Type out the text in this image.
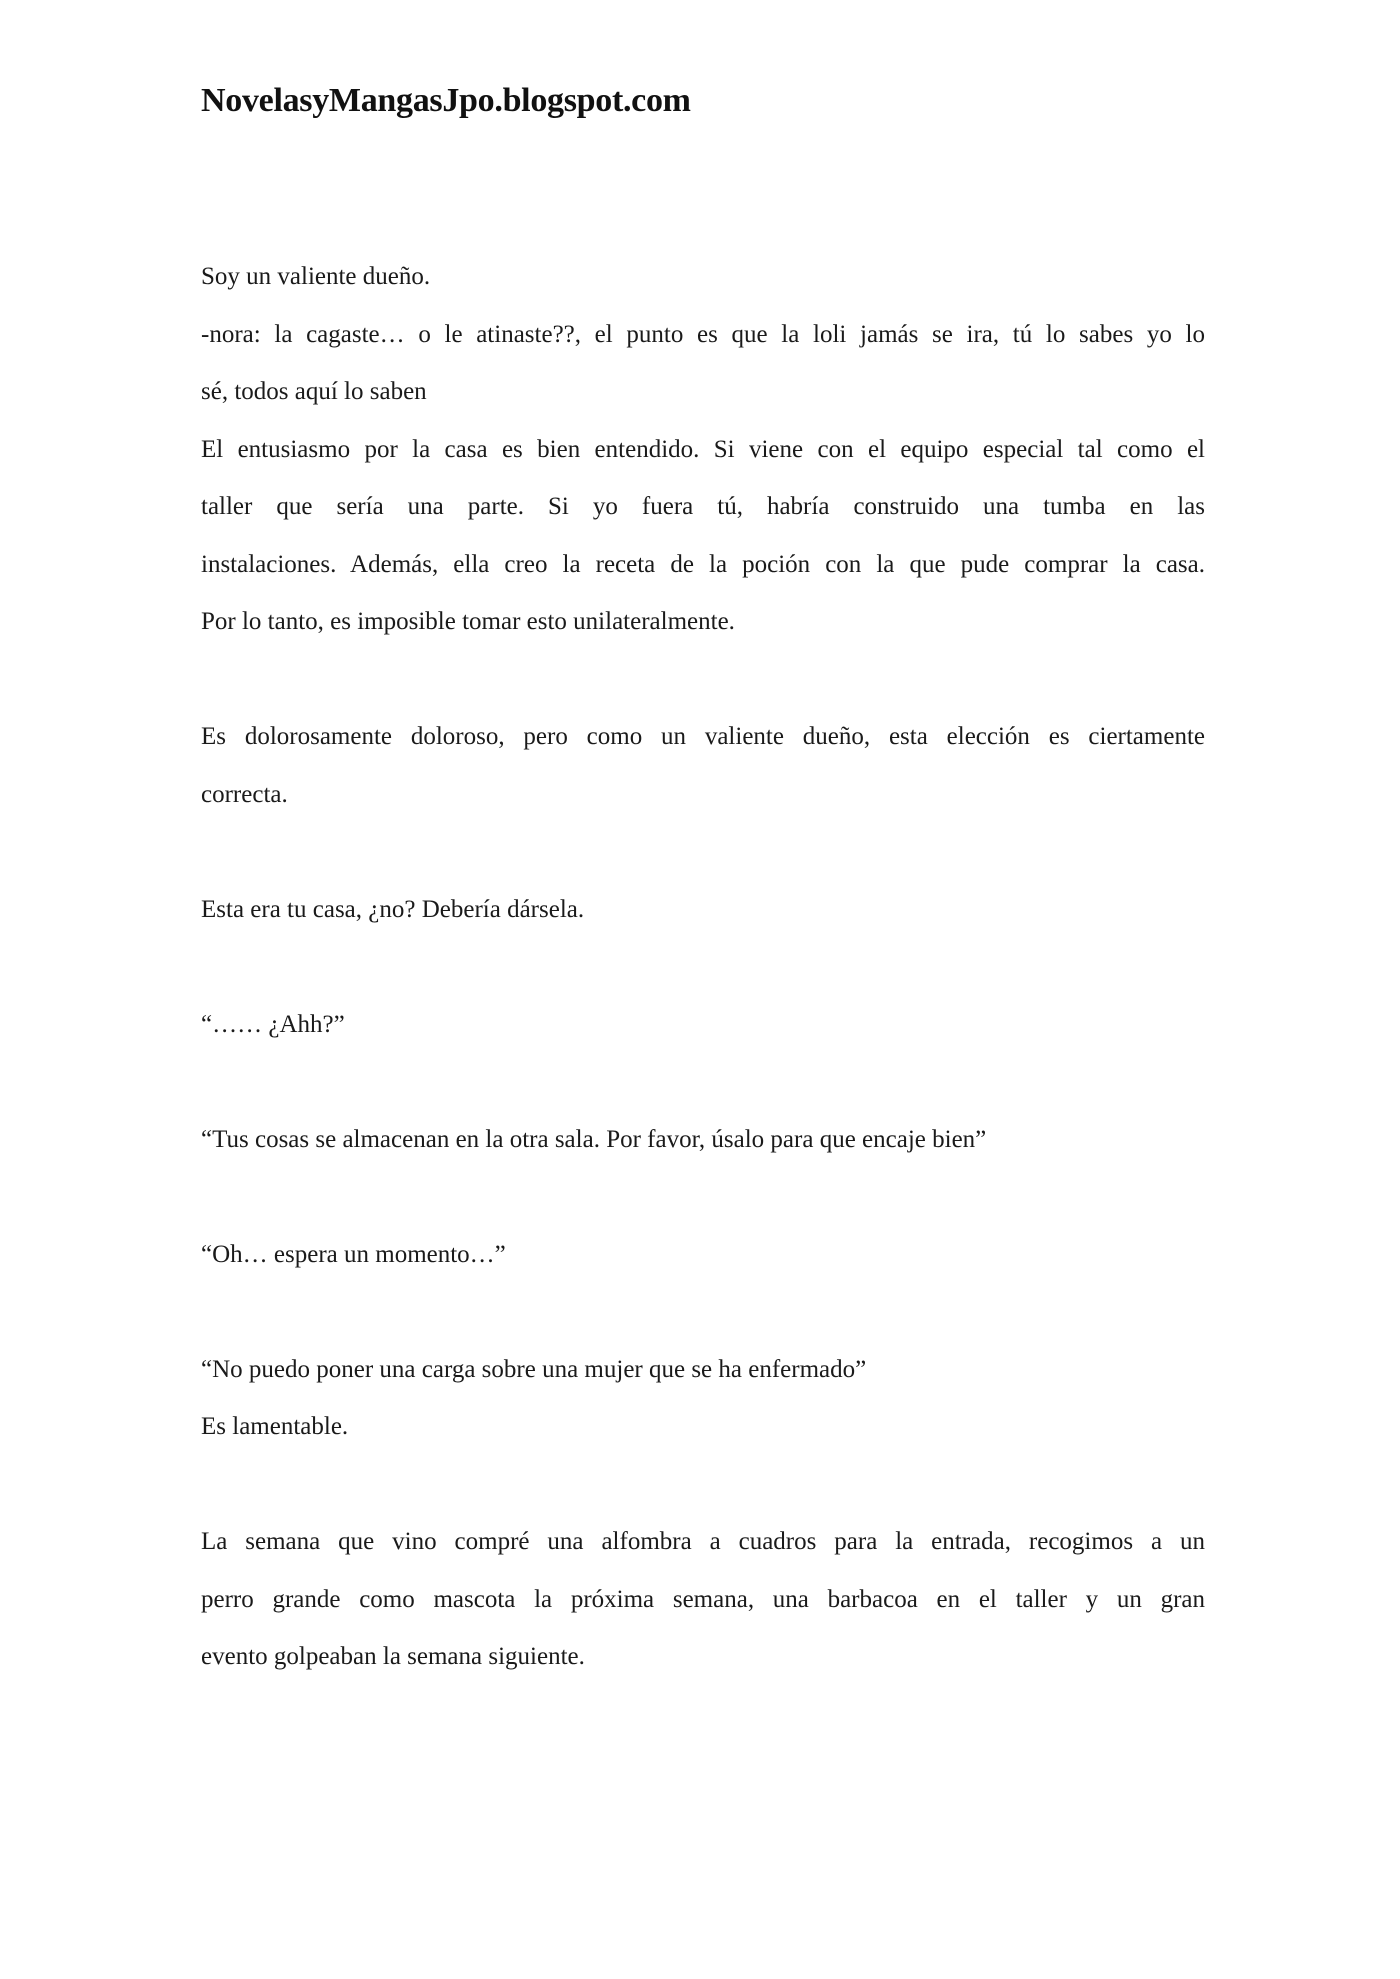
NovelasyMangasJpo.blogspot.com
Soy un valiente dueño.
-nora: la cagaste… o le atinaste??, el punto es que la loli jamás se ira, tú lo sabes yo lo
sé, todos aquí lo saben
El entusiasmo por la casa es bien entendido. Si viene con el equipo especial tal como el
taller que sería una parte. Si yo fuera tú, habría construido una tumba en las
instalaciones. Además, ella creo la receta de la poción con la que pude comprar la casa.
Por lo tanto, es imposible tomar esto unilateralmente.
Es dolorosamente doloroso, pero como un valiente dueño, esta elección es ciertamente
correcta.
Esta era tu casa, ¿no? Debería dársela.
“…… ¿Ahh?”
“Tus cosas se almacenan en la otra sala. Por favor, úsalo para que encaje bien”
“Oh… espera un momento…”
“No puedo poner una carga sobre una mujer que se ha enfermado”
Es lamentable.
La semana que vino compré una alfombra a cuadros para la entrada, recogimos a un
perro grande como mascota la próxima semana, una barbacoa en el taller y un gran
evento golpeaban la semana siguiente.
